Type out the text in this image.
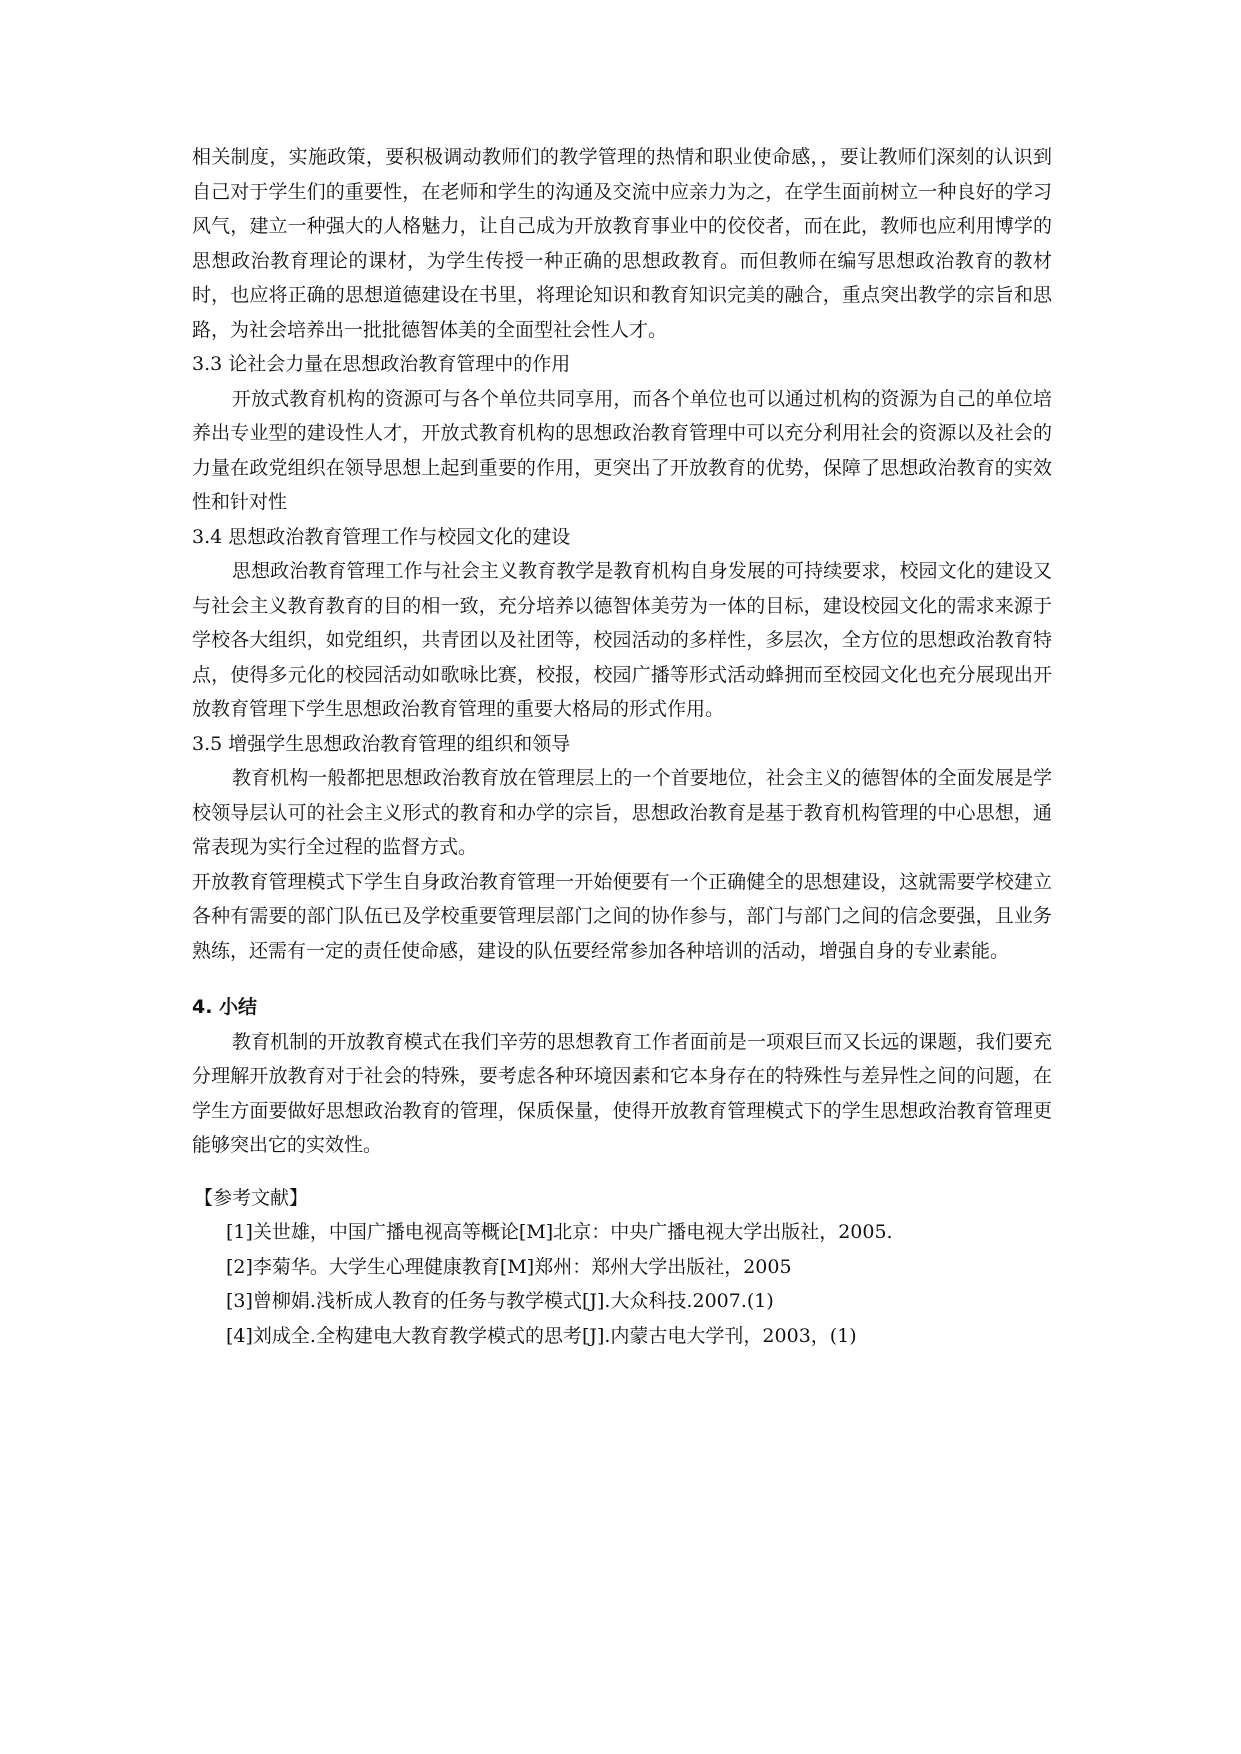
相关制度，实施政策，要积极调动教师们的教学管理的热情和职业使命感，，要让教师们深刻的认识到自己对于学生们的重要性，在老师和学生的沟通及交流中应亲力为之，在学生面前树立一种良好的学习风气，建立一种强大的人格魅力，让自己成为开放教育事业中的佼佼者，而在此，教师也应利用博学的思想政治教育理论的课材，为学生传授一种正确的思想政教育。而但教师在编写思想政治教育的教材时，也应将正确的思想道德建设在书里，将理论知识和教育知识完美的融合，重点突出教学的宗旨和思路，为社会培养出一批批德智体美的全面型社会性人才。

3.3 论社会力量在思想政治教育管理中的作用

开放式教育机构的资源可与各个单位共同享用，而各个单位也可以通过机构的资源为自己的单位培养出专业型的建设性人才，开放式教育机构的思想政治教育管理中可以充分利用社会的资源以及社会的力量在政党组织在领导思想上起到重要的作用，更突出了开放教育的优势，保障了思想政治教育的实效性和针对性

3.4 思想政治教育管理工作与校园文化的建设

思想政治教育管理工作与社会主义教育教学是教育机构自身发展的可持续要求，校园文化的建设又与社会主义教育教育的目的相一致，充分培养以德智体美劳为一体的目标，建设校园文化的需求来源于学校各大组织，如党组织，共青团以及社团等，校园活动的多样性，多层次，全方位的思想政治教育特点，使得多元化的校园活动如歌咏比赛，校报，校园广播等形式活动蜂拥而至校园文化也充分展现出开放教育管理下学生思想政治教育管理的重要大格局的形式作用。

3.5 增强学生思想政治教育管理的组织和领导

教育机构一般都把思想政治教育放在管理层上的一个首要地位，社会主义的德智体的全面发展是学校领导层认可的社会主义形式的教育和办学的宗旨，思想政治教育是基于教育机构管理的中心思想，通常表现为实行全过程的监督方式。

开放教育管理模式下学生自身政治教育管理一开始便要有一个正确健全的思想建设，这就需要学校建立各种有需要的部门队伍已及学校重要管理层部门之间的协作参与，部门与部门之间的信念要强，且业务熟练，还需有一定的责任使命感，建设的队伍要经常参加各种培训的活动，增强自身的专业素能。

4. 小结

教育机制的开放教育模式在我们辛劳的思想教育工作者面前是一项艰巨而又长远的课题，我们要充分理解开放教育对于社会的特殊，要考虑各种环境因素和它本身存在的特殊性与差异性之间的问题，在学生方面要做好思想政治教育的管理，保质保量，使得开放教育管理模式下的学生思想政治教育管理更能够突出它的实效性。

【参考文献】

[1]关世雄，中国广播电视高等概论[M]北京：中央广播电视大学出版社，2005.

[2]李菊华。大学生心理健康教育[M]郑州：郑州大学出版社，2005

[3]曾柳娟.浅析成人教育的任务与教学模式[J].大众科技.2007.(1)

[4]刘成全.全构建电大教育教学模式的思考[J].内蒙古电大学刊，2003，(1)
